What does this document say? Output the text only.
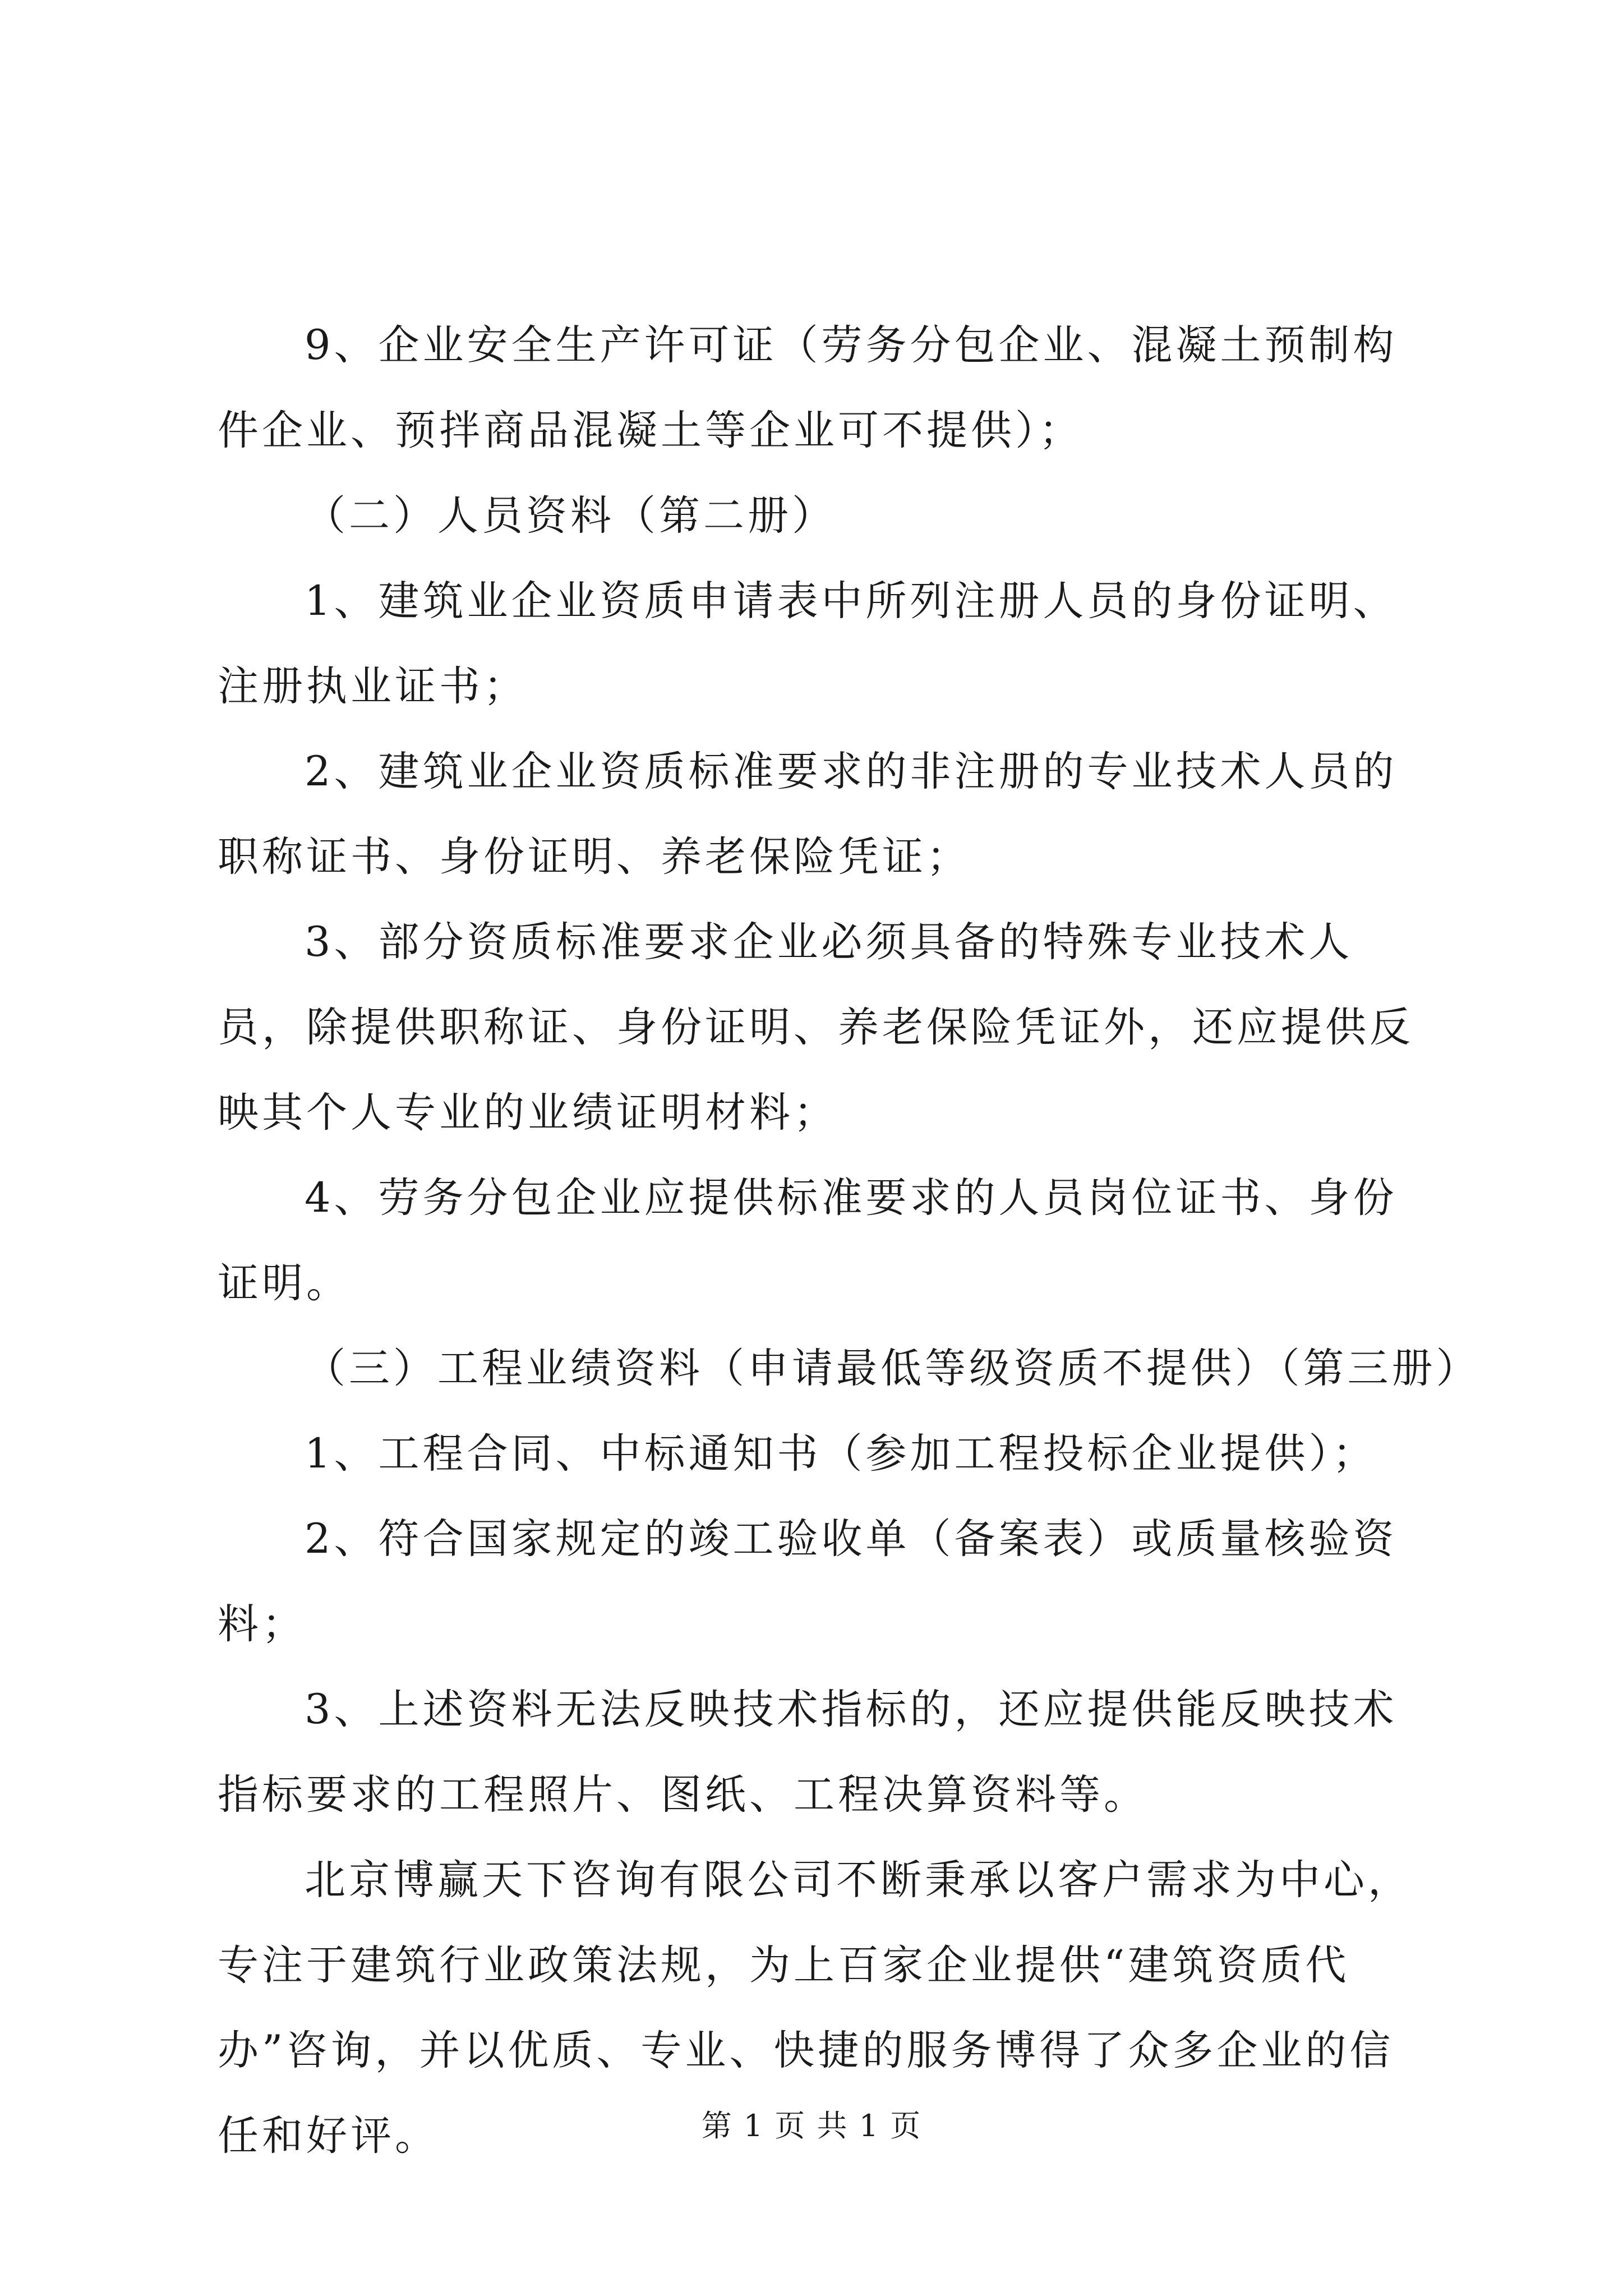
9、企业安全生产许可证（劳务分包企业、混凝土预制构件企业、预拌商品混凝土等企业可不提供）；

（二）人员资料（第二册）

1、建筑业企业资质申请表中所列注册人员的身份证明、注册执业证书；

2、建筑业企业资质标准要求的非注册的专业技术人员的职称证书、身份证明、养老保险凭证；

3、部分资质标准要求企业必须具备的特殊专业技术人员，除提供职称证、身份证明、养老保险凭证外，还应提供反映其个人专业的业绩证明材料；

4、劳务分包企业应提供标准要求的人员岗位证书、身份证明。

（三）工程业绩资料（申请最低等级资质不提供）（第三册）

1、工程合同、中标通知书（参加工程投标企业提供）；

2、符合国家规定的竣工验收单（备案表）或质量核验资料；

3、上述资料无法反映技术指标的，还应提供能反映技术指标要求的工程照片、图纸、工程决算资料等。

北京博赢天下咨询有限公司不断秉承以客户需求为中心，专注于建筑行业政策法规，为上百家企业提供“建筑资质代办”咨询，并以优质、专业、快捷的服务博得了众多企业的信任和好评。	第 1 页 共 1 页
